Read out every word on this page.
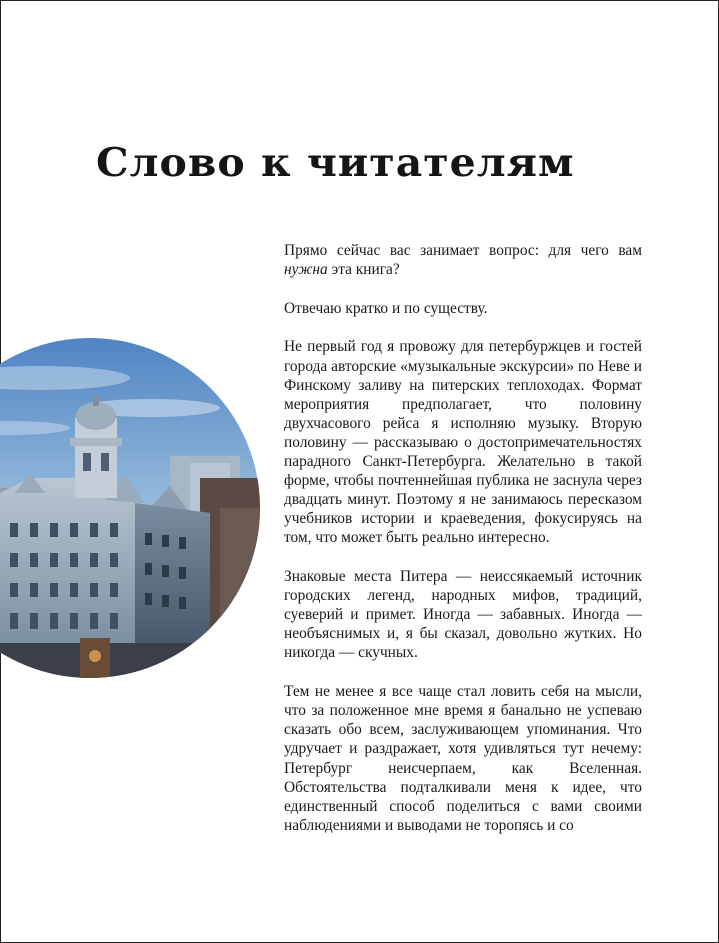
Слово к читателям

Прямо сейчас вас занимает вопрос: для чего вам нужна эта книга?

Отвечаю кратко и по существу.

Не первый год я провожу для петербуржцев и гостей города авторские «музыкальные экскурсии» по Неве и Финскому заливу на питерских теплоходах. Формат мероприятия предполагает, что половину двухчасового рейса я исполняю музыку. Вторую половину — рассказываю о достопримечательностях парадного Санкт-Петербурга. Желательно в такой форме, чтобы почтеннейшая публика не заснула через двадцать минут. Поэтому я не занимаюсь пересказом учебников истории и краеведения, фокусируясь на том, что может быть реально интересно.

Знаковые места Питера — неиссякаемый источник городских легенд, народных мифов, традиций, суеверий и примет. Иногда — забавных. Иногда — необъяснимых и, я бы сказал, довольно жутких. Но никогда — скучных.

Тем не менее я все чаще стал ловить себя на мысли, что за положенное мне время я банально не успеваю сказать обо всем, заслуживающем упоминания. Что удручает и раздражает, хотя удивляться тут нечему: Петербург неисчерпаем, как Вселенная. Обстоятельства подталкивали меня к идее, что единственный способ поделиться с вами своими наблюдениями и выводами не торопясь и со
